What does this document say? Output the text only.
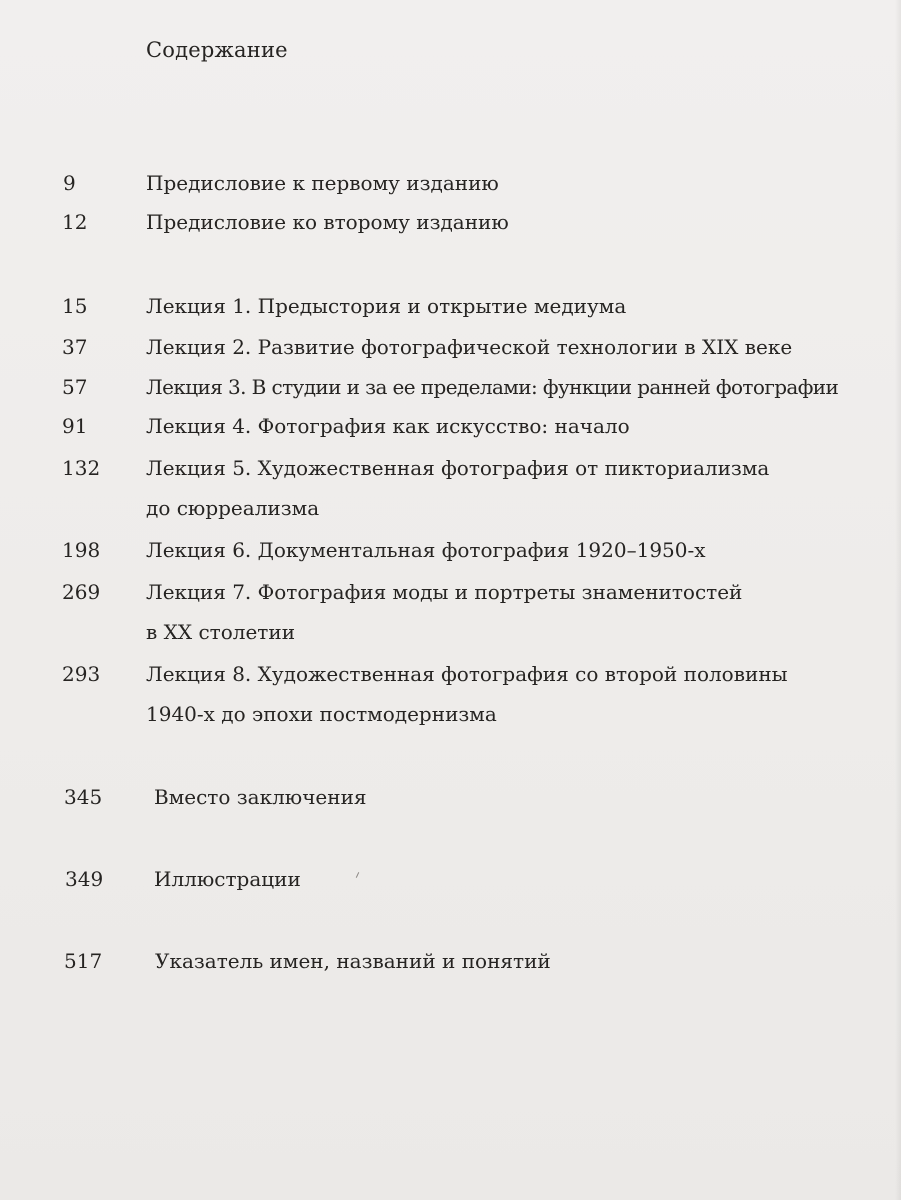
Содержание
9	Предисловие к первому изданию
12	Предисловие ко второму изданию
15	Лекция 1. Предыстория и открытие медиума
37	Лекция 2. Развитие фотографической технологии в XIX веке
57	Лекция 3. В студии и за ее пределами: функции ранней фотографии
91	Лекция 4. Фотография как искусство: начало
132 Лекция 5. Художественная фотография от пикториализма
до сюрреализма
198 Лекция 6. Документальная фотография 1920–1950-х
269 Лекция 7. Фотография моды и портреты знаменитостей
в XX столетии
293 Лекция 8. Художественная фотография со второй половины
1940-х до эпохи постмодернизма
345	Вместо заключения
349	Иллюстрации
517	Указатель имен, названий и понятий
